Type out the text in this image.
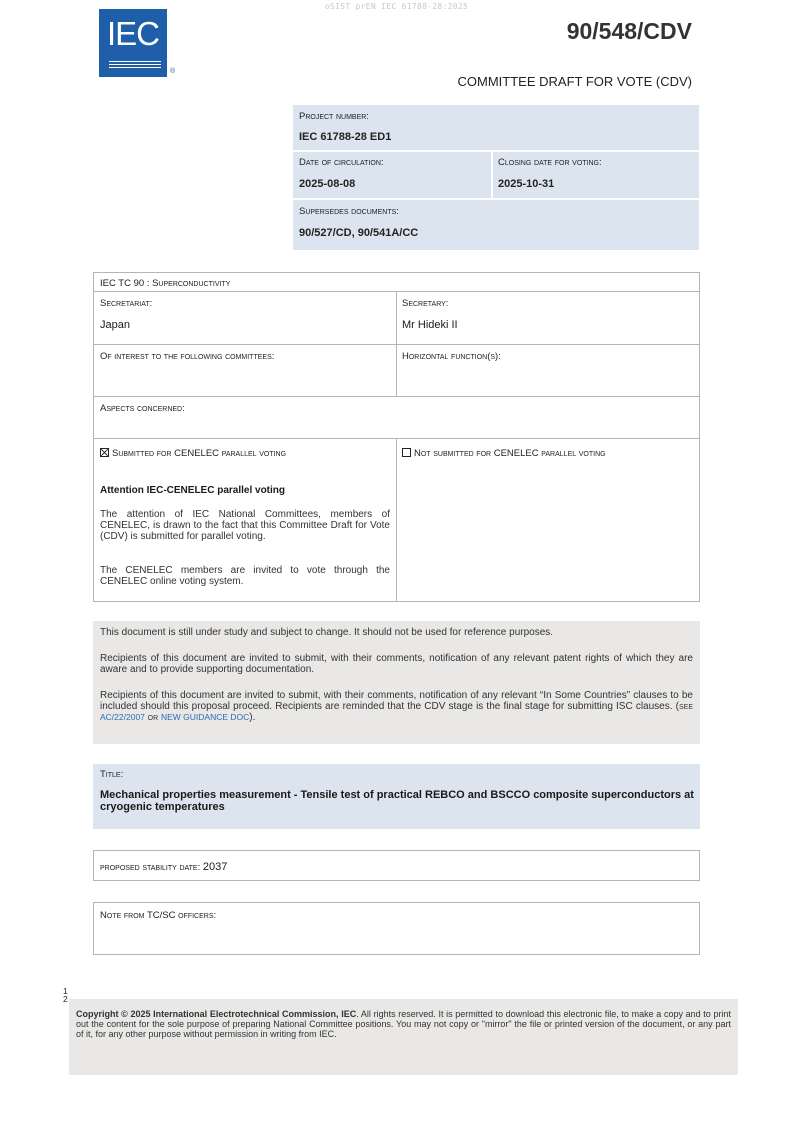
oSIST prEN IEC 61788-28:2025
IEC
®
90/548/CDV
COMMITTEE DRAFT FOR VOTE (CDV)
Project number:
IEC 61788-28 ED1
Date of circulation:
2025-08-08
Closing date for voting:
2025-10-31
Supersedes documents:
90/527/CD, 90/541A/CC
IEC TC 90 : Superconductivity
Secretariat:
Japan
Secretary:
Mr Hideki II
Of interest to the following committees:	Horizontal function(s):
Aspects concerned:
Submitted for CENELEC parallel voting	Not submitted for CENELEC parallel voting
Attention IEC-CENELEC parallel voting
The attention of IEC National Committees, members of CENELEC, is drawn to the fact that this Committee Draft for Vote (CDV) is submitted for parallel voting.
The CENELEC members are invited to vote through the CENELEC online voting system.
This document is still under study and subject to change. It should not be used for reference purposes.
Recipients of this document are invited to submit, with their comments, notification of any relevant patent rights of which they are aware and to provide supporting documentation.
Recipients of this document are invited to submit, with their comments, notification of any relevant “In Some Countries” clauses to be included should this proposal proceed. Recipients are reminded that the CDV stage is the final stage for submitting ISC clauses. (see AC/22/2007 or NEW GUIDANCE DOC).
Title:
Mechanical properties measurement - Tensile test of practical REBCO and BSCCO composite superconductors at cryogenic temperatures
proposed stability date: 2037
Note from TC/SC officers:
1
2
Copyright © 2025 International Electrotechnical Commission, IEC. All rights reserved. It is permitted to download this electronic file, to make a copy and to print out the content for the sole purpose of preparing National Committee positions. You may not copy or "mirror" the file or printed version of the document, or any part of it, for any other purpose without permission in writing from IEC.
